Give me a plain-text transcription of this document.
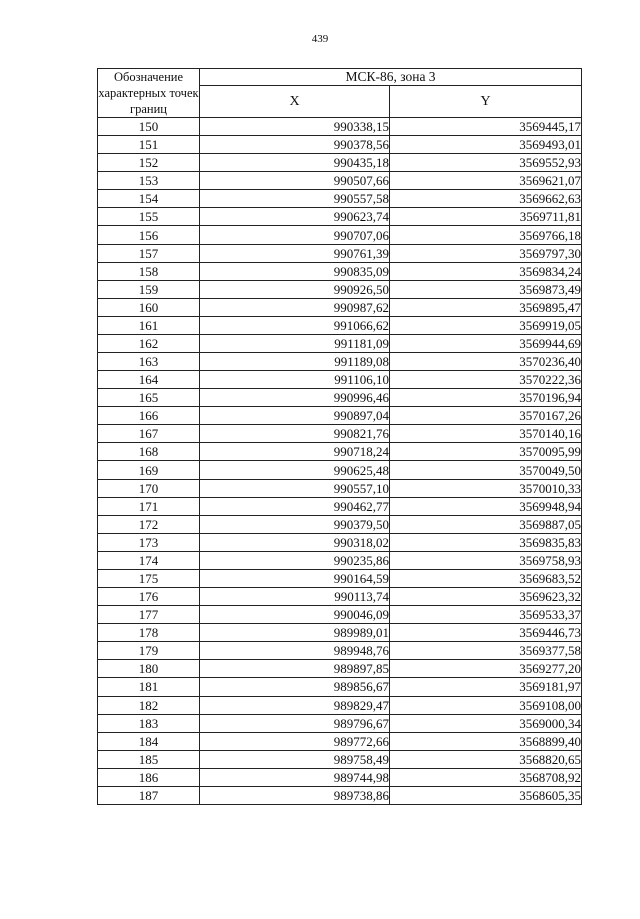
439
Обозначение характерных точек границ	МСК-86, зона 3	
	X	Y
150	990338,15	3569445,17
151	990378,56	3569493,01
152	990435,18	3569552,93
153	990507,66	3569621,07
154	990557,58	3569662,63
155	990623,74	3569711,81
156	990707,06	3569766,18
157	990761,39	3569797,30
158	990835,09	3569834,24
159	990926,50	3569873,49
160	990987,62	3569895,47
161	991066,62	3569919,05
162	991181,09	3569944,69
163	991189,08	3570236,40
164	991106,10	3570222,36
165	990996,46	3570196,94
166	990897,04	3570167,26
167	990821,76	3570140,16
168	990718,24	3570095,99
169	990625,48	3570049,50
170	990557,10	3570010,33
171	990462,77	3569948,94
172	990379,50	3569887,05
173	990318,02	3569835,83
174	990235,86	3569758,93
175	990164,59	3569683,52
176	990113,74	3569623,32
177	990046,09	3569533,37
178	989989,01	3569446,73
179	989948,76	3569377,58
180	989897,85	3569277,20
181	989856,67	3569181,97
182	989829,47	3569108,00
183	989796,67	3569000,34
184	989772,66	3568899,40
185	989758,49	3568820,65
186	989744,98	3568708,92
187	989738,86	3568605,35
